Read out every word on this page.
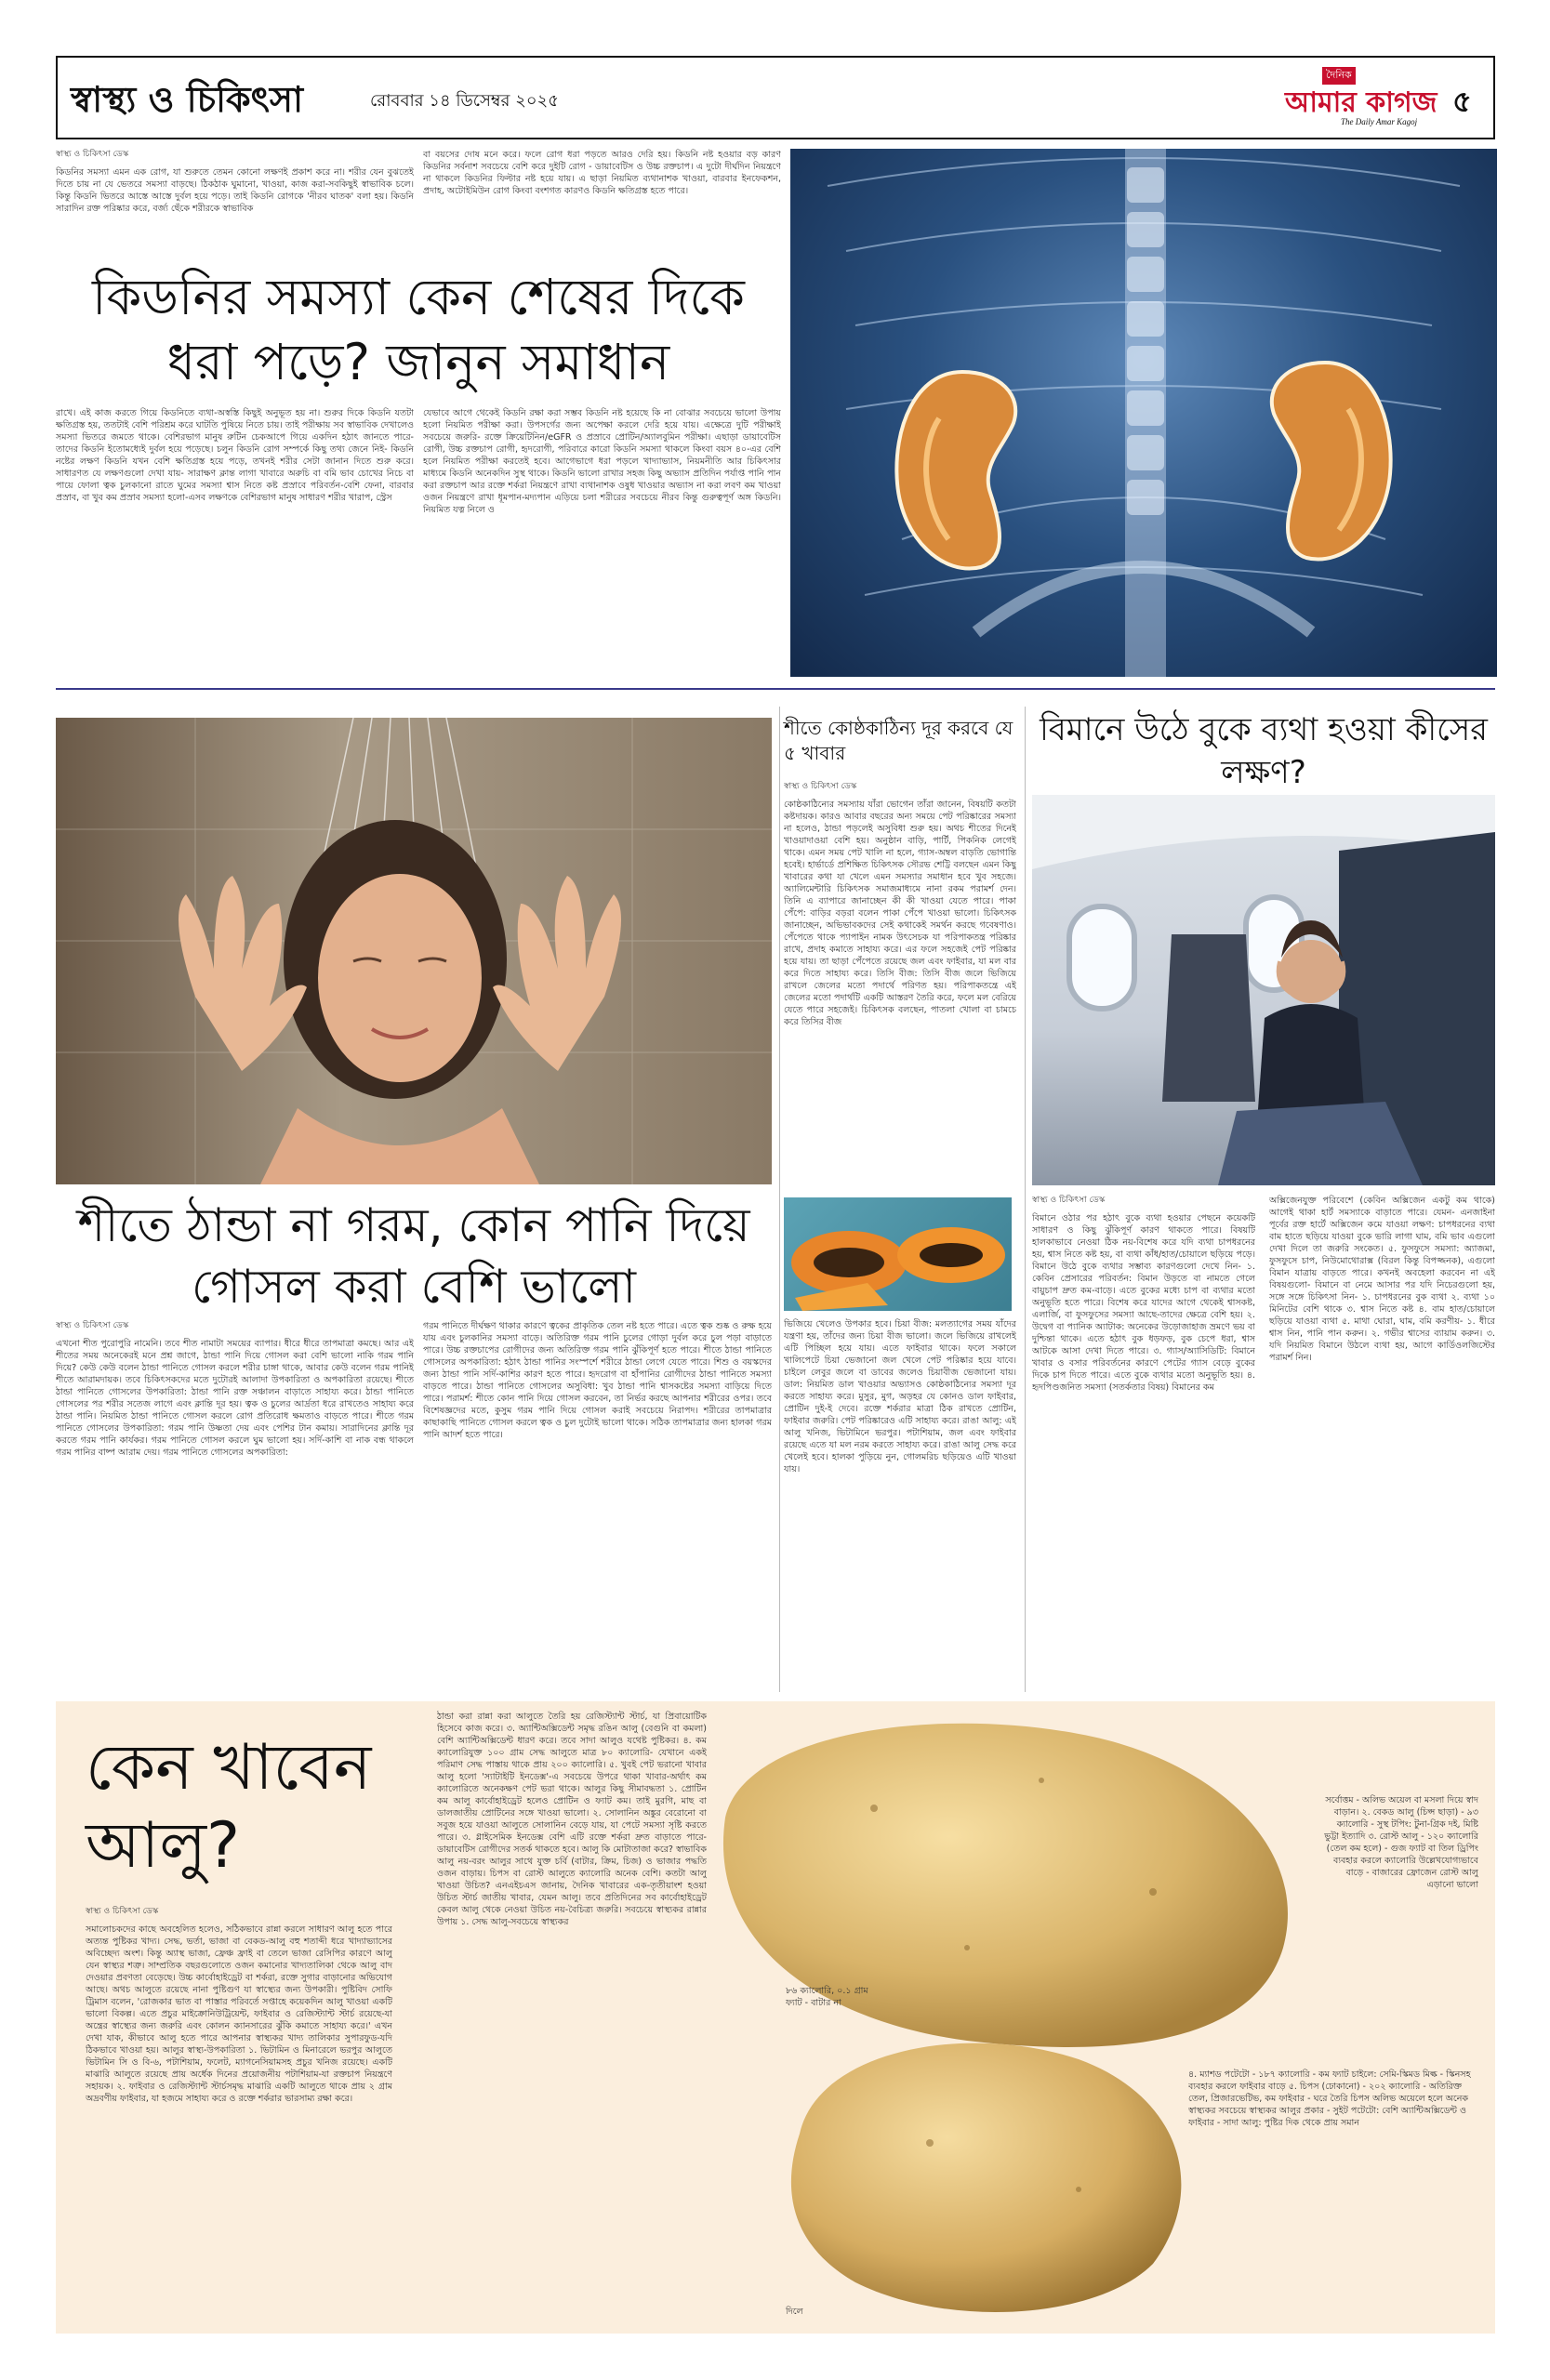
স্বাস্থ্য ও চিকিৎসা	রোববার ১৪ ডিসেম্বর ২০২৫
দৈনিক
আমার কাগজ
The Daily Amar Kagoj
৫
স্বাস্থ্য ও চিকিৎসা ডেস্ক

কিডনির সমস্যা এমন এক রোগ, যা শুরুতে তেমন কোনো লক্ষণই প্রকাশ করে না। শরীর যেন বুঝতেই দিতে চায় না যে ভেতরে সমস্যা বাড়ছে। ঠিকঠাক ঘুমানো, খাওয়া, কাজ করা-সবকিছুই স্বাভাবিক চলে। কিন্তু কিডনি ভিতরে আস্তে আস্তে দুর্বল হয়ে পড়ে। তাই কিডনি রোগকে 'নীরব ঘাতক' বলা হয়। কিডনি সারাদিন রক্ত পরিষ্কার করে, বর্জ্য ছেঁকে শরীরকে স্বাভাবিক

বা বয়সের দোষ মনে করে। ফলে রোগ ধরা পড়তে আরও দেরি হয়। কিডনি নষ্ট হওয়ার বড় কারণ কিডনির সর্বনাশ সবচেয়ে বেশি করে দুইটি রোগ - ডায়াবেটিস ও উচ্চ রক্তচাপ। এ দুটো দীর্ঘদিন নিয়ন্ত্রণে না থাকলে কিডনির ফিল্টার নষ্ট হয়ে যায়। এ ছাড়া নিয়মিত ব্যথানাশক খাওয়া, বারবার ইনফেকশন, প্রদাহ, অটোইমিউন রোগ কিংবা বংশগত কারণও কিডনি ক্ষতিগ্রস্ত হতে পারে।

কিডনির সমস্যা কেন শেষের দিকে ধরা পড়ে? জানুন সমাধান

রাখে। এই কাজ করতে গিয়ে কিডনিতে ব্যথা-অস্বস্তি কিছুই অনুভূত হয় না। শুরুর দিকে কিডনি যতটা ক্ষতিগ্রস্ত হয়, ততটাই বেশি পরিশ্রম করে ঘাটতি পুষিয়ে নিতে চায়। তাই পরীক্ষায় সব স্বাভাবিক দেখালেও সমস্যা ভিতরে জমতে থাকে। বেশিরভাগ মানুষ রুটিন চেকআপে গিয়ে একদিন হঠাৎ জানতে পারে-তাদের কিডনি ইতোমধ্যেই দুর্বল হয়ে পড়েছে। চলুন কিডনি রোগ সম্পর্কে কিছু তথ্য জেনে নিই- কিডনি নষ্টের লক্ষণ কিডনি যখন বেশি ক্ষতিগ্রস্ত হয়ে পড়ে, তখনই শরীর সেটা জানান দিতে শুরু করে। সাধারণত যে লক্ষণগুলো দেখা যায়- সারাক্ষণ ক্লান্ত লাগা খাবারে অরুচি বা বমি ভাব চোখের নিচে বা পায়ে ফোলা ত্বক চুলকানো রাতে ঘুমের সমস্যা শ্বাস নিতে কষ্ট প্রস্রাবে পরিবর্তন-বেশি ফেনা, বারবার প্রস্রাব, বা খুব কম প্রস্রাব সমস্যা হলো-এসব লক্ষণকে বেশিরভাগ মানুষ সাধারণ শরীর খারাপ, স্ট্রেস

যেভাবে আগে থেকেই কিডনি রক্ষা করা সম্ভব কিডনি নষ্ট হয়েছে কি না বোঝার সবচেয়ে ভালো উপায় হলো নিয়মিত পরীক্ষা করা। উপসর্গের জন্য অপেক্ষা করলে দেরি হয়ে যায়। এক্ষেত্রে দুটি পরীক্ষাই সবচেয়ে জরুরি- রক্তে ক্রিয়েটিনিন/eGFR ও প্রস্রাবে প্রোটিন/অ্যালবুমিন পরীক্ষা। এছাড়া ডায়াবেটিস রোগী, উচ্চ রক্তচাপ রোগী, হৃদরোগী, পরিবারে কারো কিডনি সমস্যা থাকলে কিংবা বয়স ৪০-এর বেশি হলে নিয়মিত পরীক্ষা করতেই হবে। আগেভাগে ধরা পড়লে খাদ্যাভ্যাস, নিয়মনীতি আর চিকিৎসার মাধ্যমে কিডনি অনেকদিন সুস্থ থাকে। কিডনি ভালো রাখার সহজ কিছু অভ্যাস প্রতিদিন পর্যাপ্ত পানি পান করা রক্তচাপ আর রক্তে শর্করা নিয়ন্ত্রণে রাখা ব্যথানাশক ওষুধ খাওয়ার অভ্যাস না করা লবণ কম খাওয়া ওজন নিয়ন্ত্রণে রাখা ধূমপান-মদ্যপান এড়িয়ে চলা শরীরের সবচেয়ে নীরব কিন্তু গুরুত্বপূর্ণ অঙ্গ কিডনি। নিয়মিত যত্ন নিলে ও

শীতে ঠান্ডা না গরম, কোন পানি দিয়ে গোসল করা বেশি ভালো
স্বাস্থ্য ও চিকিৎসা ডেস্ক

এখনো শীত পুরোপুরি নামেনি। তবে শীত নামাটা সময়ের ব্যাপার। ধীরে ধীরে তাপমাত্রা কমছে। আর এই শীতের সময় অনেকেরই মনে প্রশ্ন জাগে, ঠান্ডা পানি দিয়ে গোসল করা বেশি ভালো নাকি গরম পানি দিয়ে? কেউ কেউ বলেন ঠান্ডা পানিতে গোসল করলে শরীর চাঙ্গা থাকে, আবার কেউ বলেন গরম পানিই শীতে আরামদায়ক। তবে চিকিৎসকদের মতে দুটোরই আলাদা উপকারিতা ও অপকারিতা রয়েছে। শীতে ঠান্ডা পানিতে গোসলের উপকারিতা: ঠান্ডা পানি রক্ত সঞ্চালন বাড়াতে সাহায্য করে। ঠান্ডা পানিতে গোসলের পর শরীর সতেজ লাগে এবং ক্লান্তি দূর হয়। ত্বক ও চুলের আর্দ্রতা ধরে রাখতেও সাহায্য করে ঠান্ডা পানি। নিয়মিত ঠান্ডা পানিতে গোসল করলে রোগ প্রতিরোধ ক্ষমতাও বাড়তে পারে। শীতে গরম পানিতে গোসলের উপকারিতা: গরম পানি উষ্ণতা দেয় এবং পেশির টান কমায়। সারাদিনের ক্লান্তি দূর করতে গরম পানি কার্যকর। গরম পানিতে গোসল করলে ঘুম ভালো হয়। সর্দি-কাশি বা নাক বন্ধ থাকলে গরম পানির বাষ্প আরাম দেয়। গরম পানিতে গোসলের অপকারিতা:

গরম পানিতে দীর্ঘক্ষণ থাকার কারণে ত্বকের প্রাকৃতিক তেল নষ্ট হতে পারে। এতে ত্বক শুষ্ক ও রুক্ষ হয়ে যায় এবং চুলকানির সমস্যা বাড়ে। অতিরিক্ত গরম পানি চুলের গোড়া দুর্বল করে চুল পড়া বাড়াতে পারে। উচ্চ রক্তচাপের রোগীদের জন্য অতিরিক্ত গরম পানি ঝুঁকিপূর্ণ হতে পারে। শীতে ঠান্ডা পানিতে গোসলের অপকারিতা: হঠাৎ ঠান্ডা পানির সংস্পর্শে শরীরে ঠান্ডা লেগে যেতে পারে। শিশু ও বয়স্কদের জন্য ঠান্ডা পানি সর্দি-কাশির কারণ হতে পারে। হৃদরোগ বা হাঁপানির রোগীদের ঠান্ডা পানিতে সমস্যা বাড়তে পারে। ঠান্ডা পানিতে গোসলের অসুবিধা: খুব ঠান্ডা পানি শ্বাসকষ্টের সমস্যা বাড়িয়ে দিতে পারে। পরামর্শ: শীতে কোন পানি দিয়ে গোসল করবেন, তা নির্ভর করছে আপনার শরীরের ওপর। তবে বিশেষজ্ঞদের মতে, কুসুম গরম পানি দিয়ে গোসল করাই সবচেয়ে নিরাপদ। শরীরের তাপমাত্রার কাছাকাছি পানিতে গোসল করলে ত্বক ও চুল দুটোই ভালো থাকে। সঠিক তাপমাত্রার জন্য হালকা গরম পানি আদর্শ হতে পারে।

শীতে কোষ্ঠকাঠিন্য দূর করবে যে ৫ খাবার
স্বাস্থ্য ও চিকিৎসা ডেস্ক

কোষ্ঠকাঠিন্যের সমস্যায় যাঁরা ভোগেন তাঁরা জানেন, বিষয়টি কতটা কষ্টদায়ক। কারও আবার বছরের অন্য সময়ে পেট পরিষ্কারের সমস্যা না হলেও, ঠান্ডা পড়লেই অসুবিধা শুরু হয়। অথচ শীতের দিনেই খাওয়াদাওয়া বেশি হয়। অনুষ্ঠান বাড়ি, পার্টি, পিকনিক লেগেই থাকে। এমন সময় পেট খালি না হলে, গ্যাস-অম্বল বাড়তি ভোগান্তি হবেই। হার্ভার্ডে প্রশিক্ষিত চিকিৎসক সৌরভ শেট্টি বলছেন এমন কিছু খাবারের কথা যা খেলে এমন সমস্যার সমাধান হবে খুব সহজে। অ্যালিমেন্টারি চিকিৎসক সমাজমাধ্যমে নানা রকম পরামর্শ দেন। তিনি এ ব্যাপারে জানাচ্ছেন কী কী খাওয়া যেতে পারে। পাকা পেঁপে: বাড়ির বড়রা বলেন পাকা পেঁপে খাওয়া ভালো। চিকিৎসক জানাচ্ছেন, অভিভাবকদের সেই কথাকেই সমর্থন করছে গবেষণাও। পেঁপেতে থাকে প্যাপাইন নামক উৎসেচক যা পরিপাকতন্ত্র পরিষ্কার রাখে, প্রদাহ কমাতে সাহায্য করে। এর ফলে সহজেই পেট পরিষ্কার হয়ে যায়। তা ছাড়া পেঁপেতে রয়েছে জল এবং ফাইবার, যা মল বার করে দিতে সাহায্য করে। তিসি বীজ: তিসি বীজ জলে ভিজিয়ে রাখলে জেলের মতো পদার্থে পরিণত হয়। পরিপাকতন্ত্রে এই জেলের মতো পদার্থটি একটি আস্তরণ তৈরি করে, ফলে মল বেরিয়ে যেতে পারে সহজেই। চিকিৎসক বলছেন, পাতলা খোলা বা চামচে করে তিসির বীজ

ভিজিয়ে খেলেও উপকার হবে। চিয়া বীজ: মলত্যাগের সময় যাঁদের যন্ত্রণা হয়, তাঁদের জন্য চিয়া বীজ ভালো। জলে ভিজিয়ে রাখলেই এটি পিচ্ছিল হয়ে যায়। এতে ফাইবার থাকে। ফলে সকালে খালিপেটে চিয়া ভেজানো জল খেলে পেট পরিষ্কার হয়ে যাবে। চাইলে লেবুর জলে বা ডাবের জলেও চিয়াবীজ ভেজানো যায়। ডাল: নিয়মিত ডাল খাওয়ার অভ্যাসও কোষ্ঠকাঠিন্যের সমস্যা দূর করতে সাহায্য করে। মুসুর, মুগ, অড়হর যে কোনও ডাল ফাইবার, প্রোটিন দুই-ই দেবে। রক্তে শর্করার মাত্রা ঠিক রাখতে প্রোটিন, ফাইবার জরুরি। পেট পরিষ্কারেও এটি সাহায্য করে। রাঙা আলু: এই আলু খনিজ, ভিটামিনে ভরপুর। পটাশিয়াম, জল এবং ফাইবার রয়েছে এতে যা মল নরম করতে সাহায্য করে। রাঙা আলু সেদ্ধ করে খেলেই হবে। হালকা পুড়িয়ে নুন, গোলমরিচ ছড়িয়েও এটি খাওয়া যায়।

বিমানে উঠে বুকে ব্যথা হওয়া কীসের লক্ষণ?
স্বাস্থ্য ও চিকিৎসা ডেস্ক

বিমানে ওঠার পর হঠাৎ বুকে ব্যথা হওয়ার পেছনে কয়েকটি সাধারণ ও কিছু ঝুঁকিপূর্ণ কারণ থাকতে পারে। বিষয়টি হালকাভাবে নেওয়া ঠিক নয়-বিশেষ করে যদি ব্যথা চাপধরনের হয়, শ্বাস নিতে কষ্ট হয়, বা ব্যথা কাঁধ/হাত/চোয়ালে ছড়িয়ে পড়ে। বিমানে উঠে বুকে ব্যথার সম্ভাব্য কারণগুলো দেখে নিন- ১. কেবিন প্রেসারের পরিবর্তন: বিমান উড়তে বা নামতে গেলে বায়ুচাপ দ্রুত কম-বাড়ে। এতে বুকের মধ্যে চাপ বা ব্যথার মতো অনুভূতি হতে পারে। বিশেষ করে যাদের আগে থেকেই শ্বাসকষ্ট, এলার্জি, বা ফুসফুসের সমস্যা আছে-তাদের ক্ষেত্রে বেশি হয়। ২. উদ্বেগ বা প্যানিক অ্যাটাক: অনেকের উড়োজাহাজ ভ্রমণে ভয় বা দুশ্চিন্তা থাকে। এতে হঠাৎ বুক ধড়ফড়, বুক চেপে ধরা, শ্বাস আটকে আসা দেখা দিতে পারে। ৩. গ্যাস/অ্যাসিডিটি: বিমানে খাবার ও বসার পরিবর্তনের কারণে পেটের গ্যাস বেড়ে বুকের দিকে চাপ দিতে পারে। এতে বুকে ব্যথার মতো অনুভূতি হয়। ৪. হৃদপিণ্ডজনিত সমস্যা (সতর্কতার বিষয়) বিমানের কম

অক্সিজেনযুক্ত পরিবেশে (কেবিন অক্সিজেন একটু কম থাকে) আগেই থাকা হার্ট সমস্যাকে বাড়াতে পারে। যেমন- এনজাইনা পূর্বের রক্ত হার্টে অক্সিজেন কমে যাওয়া লক্ষণ: চাপধরনের ব্যথা বাম হাতে ছড়িয়ে যাওয়া বুকে ভারি লাগা ঘাম, বমি ভাব এগুলো দেখা দিলে তা জরুরি সংকেত। ৫. ফুসফুসে সমস্যা: অ্যাজমা, ফুসফুসে চাপ, নিউমোথোরাক্স (বিরল কিন্তু বিপজ্জনক), এগুলো বিমান যাত্রায় বাড়তে পারে। কখনই অবহেলা করবেন না এই বিষয়গুলো- বিমানে বা নেমে আসার পর যদি নিচেরগুলো হয়, সঙ্গে সঙ্গে চিকিৎসা নিন- ১. চাপধরনের বুক ব্যথা ২. ব্যথা ১০ মিনিটের বেশি থাকে ৩. শ্বাস নিতে কষ্ট ৪. বাম হাত/চোয়ালে ছড়িয়ে যাওয়া ব্যথা ৫. মাথা ঘোরা, ঘাম, বমি করণীয়- ১. ধীরে শ্বাস নিন, পানি পান করুন। ২. গভীর শ্বাসের ব্যায়াম করুন। ৩. যদি নিয়মিত বিমানে উঠলে ব্যথা হয়, আগে কার্ডিওলজিস্টের পরামর্শ নিন।

কেন খাবেন
আলু?
স্বাস্থ্য ও চিকিৎসা ডেস্ক

সমালোচকদের কাছে অবহেলিত হলেও, সঠিকভাবে রান্না করলে সাধারণ আলু হতে পারে অত্যন্ত পুষ্টিকর খাদ্য। সেদ্ধ, ভর্তা, ভাজা বা বেকড-আলু বহু শতাব্দী ধরে খাদ্যাভ্যাসের অবিচ্ছেদ্য অংশ। কিন্তু অ্যাস্থ ভাজা, ফ্রেঞ্চ ফ্রাই বা তেলে ভাজা রেসিপির কারণে আলু যেন স্বাস্থ্যর শত্রু। সাম্প্রতিক বছরগুলোতে ওজন কমানোর খাদ্যতালিকা থেকে আলু বাদ দেওয়ার প্রবণতা বেড়েছে। উচ্চ কার্বোহাইড্রেট বা শর্করা, রক্তে সুগার বাড়ানোর অভিযোগ আছে। অথচ আলুতে রয়েছে নানা পুষ্টিগুণ যা স্বাস্থ্যের জন্য উপকারী। পুষ্টিবিদ সোফি ট্রিমাস বলেন, 'রোজকার ভাত বা পাস্তার পরিবর্তে সপ্তাহে কয়েকদিন আলু খাওয়া একটি ভালো বিকল্প। এতে প্রচুর মাইক্রোনিউট্রিয়েন্ট, ফাইবার ও রেজিস্ট্যান্ট স্টার্চ রয়েছে-যা অন্ত্রের স্বাস্থ্যের জন্য জরুরি এবং কোলন ক্যানসারের ঝুঁকি কমাতে সাহায্য করে।' এখন দেখা যাক, কীভাবে আলু হতে পারে আপনার স্বাস্থ্যকর খাদ্য তালিকার সুপারফুড-যদি ঠিকভাবে খাওয়া হয়। আলুর স্বাস্থ্য-উপকারিতা ১. ভিটামিন ও মিনারেলে ভরপুর আলুতে ভিটামিন সি ও বি-৬, পটাশিয়াম, ফলেট, ম্যাগনেসিয়ামসহ প্রচুর খনিজ রয়েছে। একটি মাঝারি আলুতে রয়েছে প্রায় অর্ধেক দিনের প্রয়োজনীয় পটাশিয়াম-যা রক্তচাপ নিয়ন্ত্রণে সহায়ক। ২. ফাইবার ও রেজিস্ট্যান্ট স্টার্চসমৃদ্ধ মাঝারি একটি আলুতে থাকে প্রায় ২ গ্রাম অদ্রবণীয় ফাইবার, যা হজমে সাহায্য করে ও রক্তে শর্করার ভারসাম্য রক্ষা করে।

ঠান্ডা করা রান্না করা আলুতে তৈরি হয় রেজিস্ট্যান্ট স্টার্চ, যা প্রিবায়োটিক হিসেবে কাজ করে। ৩. অ্যান্টিঅক্সিডেন্ট সমৃদ্ধ রঙিন আলু (বেগুনি বা কমলা) বেশি অ্যান্টিঅক্সিডেন্ট ধারণ করে। তবে সাদা আলুও যথেষ্ট পুষ্টিকর। ৪. কম ক্যালোরিযুক্ত ১০০ গ্রাম সেদ্ধ আলুতে মাত্র ৮০ ক্যালোরি- যেখানে একই পরিমাণ সেদ্ধ পাস্তায় থাকে প্রায় ২০০ ক্যালোরি। ৫. খুবই পেট ভরানো খাবার আলু হলো 'স্যাটাইটি ইনডেক্স'-এ সবচেয়ে উপরে থাকা খাবার-অর্থাৎ কম ক্যালোরিতে অনেকক্ষণ পেট ভরা থাকে। আলুর কিছু সীমাবদ্ধতা ১. প্রোটিন কম আলু কার্বোহাইড্রেট হলেও প্রোটিন ও ফ্যাট কম। তাই মুরগি, মাছ বা ডালজাতীয় প্রোটিনের সঙ্গে খাওয়া ভালো। ২. সোলানিন অঙ্কুর বেরোনো বা সবুজ হয়ে যাওয়া আলুতে সোলানিন বেড়ে যায়, যা পেটে সমস্যা সৃষ্টি করতে পারে। ৩. গ্লাইসেমিক ইনডেক্স বেশি এটি রক্তে শর্করা দ্রুত বাড়াতে পারে-ডায়াবেটিস রোগীদের সতর্ক থাকতে হবে। আলু কি মোটাতাজা করে? স্বাভাবিক আলু নয়-বরং আলুর সাথে যুক্ত চর্বি (বাটার, ক্রিম, চিজ) ও ভাজার পদ্ধতি ওজন বাড়ায়। চিপস বা রোস্ট আলুতে ক্যালোরি অনেক বেশি। কতটা আলু খাওয়া উচিত? এনএইচএস জানায়, দৈনিক খাবারের এক-তৃতীয়াংশ হওয়া উচিত স্টার্চ জাতীয় খাবার, যেমন আলু। তবে প্রতিদিনের সব কার্বোহাইড্রেট কেবল আলু থেকে নেওয়া উচিত নয়-বৈচিত্র্য জরুরি। সবচেয়ে স্বাস্থ্যকর রান্নার উপায় ১. সেদ্ধ আলু-সবচেয়ে স্বাস্থ্যকর

৮৬ ক্যালোরি, ০.১ গ্রাম ফ্যাট - বাটার না
দিলে

সর্বোত্তম - অলিভ অয়েল বা মসলা দিয়ে স্বাদ বাড়ান। ২. বেকড আলু (চিপ্স ছাড়া) - ৯৩ ক্যালোরি - সুস্থ টপিং: টুনা-গ্রিক দই, মিষ্টি ভুট্টা ইত্যাদি ৩. রোস্ট আলু - ১২০ ক্যালোরি (তেল কম হলে) - গুজ ফ্যাট বা তিল ড্রিপিং ব্যবহার করলে ক্যালোরি উল্লেখযোগ্যভাবে বাড়ে - বাজারের ফ্রোজেন রোস্ট আলু এড়ানো ভালো

৪. ম্যাশড পটেটো - ১৮৭ ক্যালোরি - কম ফ্যাট চাইলে: সেমি-স্কিমড মিল্ক - স্কিনসহ ব্যবহার করলে ফাইবার বাড়ে ৫. চিপস (ঢোকানো) - ২০২ ক্যালোরি - অতিরিক্ত তেল, প্রিজারভেটিভ, কম ফাইবার - ঘরে তৈরি চিপস অলিভ অয়েলে হলে অনেক স্বাস্থ্যকর সবচেয়ে স্বাস্থ্যকর আলুর প্রকার - সুইট পটেটো: বেশি অ্যান্টিঅক্সিডেন্ট ও ফাইবার - সাদা আলু: পুষ্টির দিক থেকে প্রায় সমান
